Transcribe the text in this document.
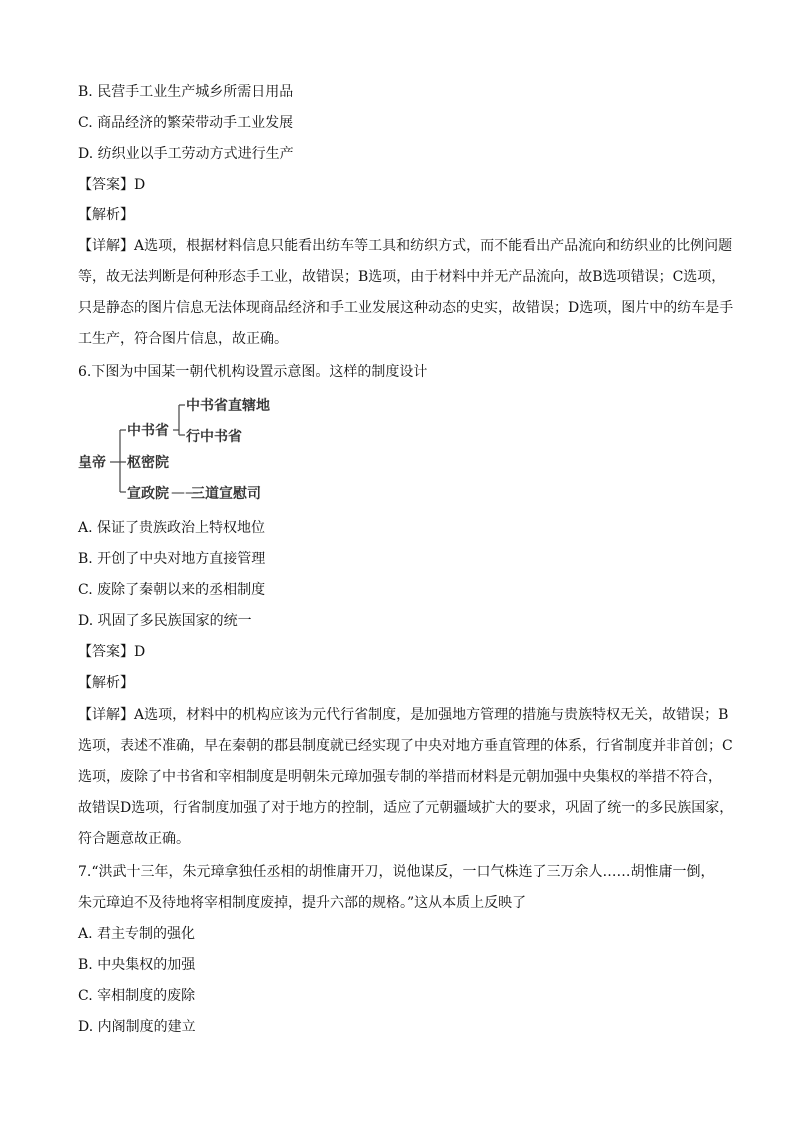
B. 民营手工业生产城乡所需日用品
C. 商品经济的繁荣带动手工业发展
D. 纺织业以手工劳动方式进行生产
【答案】D
【解析】
【详解】A选项，根据材料信息只能看出纺车等工具和纺织方式，而不能看出产品流向和纺织业的比例问题
等，故无法判断是何种形态手工业，故错误；B选项，由于材料中并无产品流向，故B选项错误；C选项，
只是静态的图片信息无法体现商品经济和手工业发展这种动态的史实，故错误；D选项，图片中的纺车是手
工生产，符合图片信息，故正确。
6.下图为中国某一朝代机构设置示意图。这样的制度设计
皇帝
中书省
中书省直辖地
行中书省
枢密院
宣政院 ——
三道宣慰司
A. 保证了贵族政治上特权地位
B. 开创了中央对地方直接管理
C. 废除了秦朝以来的丞相制度
D. 巩固了多民族国家的统一
【答案】D
【解析】
【详解】A选项，材料中的机构应该为元代行省制度，是加强地方管理的措施与贵族特权无关，故错误；B
选项，表述不准确，早在秦朝的郡县制度就已经实现了中央对地方垂直管理的体系，行省制度并非首创；C
选项，废除了中书省和宰相制度是明朝朱元璋加强专制的举措而材料是元朝加强中央集权的举措不符合，
故错误D选项，行省制度加强了对于地方的控制，适应了元朝疆域扩大的要求，巩固了统一的多民族国家，
符合题意故正确。
7.“洪武十三年，朱元璋拿独任丞相的胡惟庸开刀，说他谋反，一口气株连了三万余人……胡惟庸一倒，
朱元璋迫不及待地将宰相制度废掉，提升六部的规格。”这从本质上反映了
A. 君主专制的强化
B. 中央集权的加强
C. 宰相制度的废除
D. 内阁制度的建立
